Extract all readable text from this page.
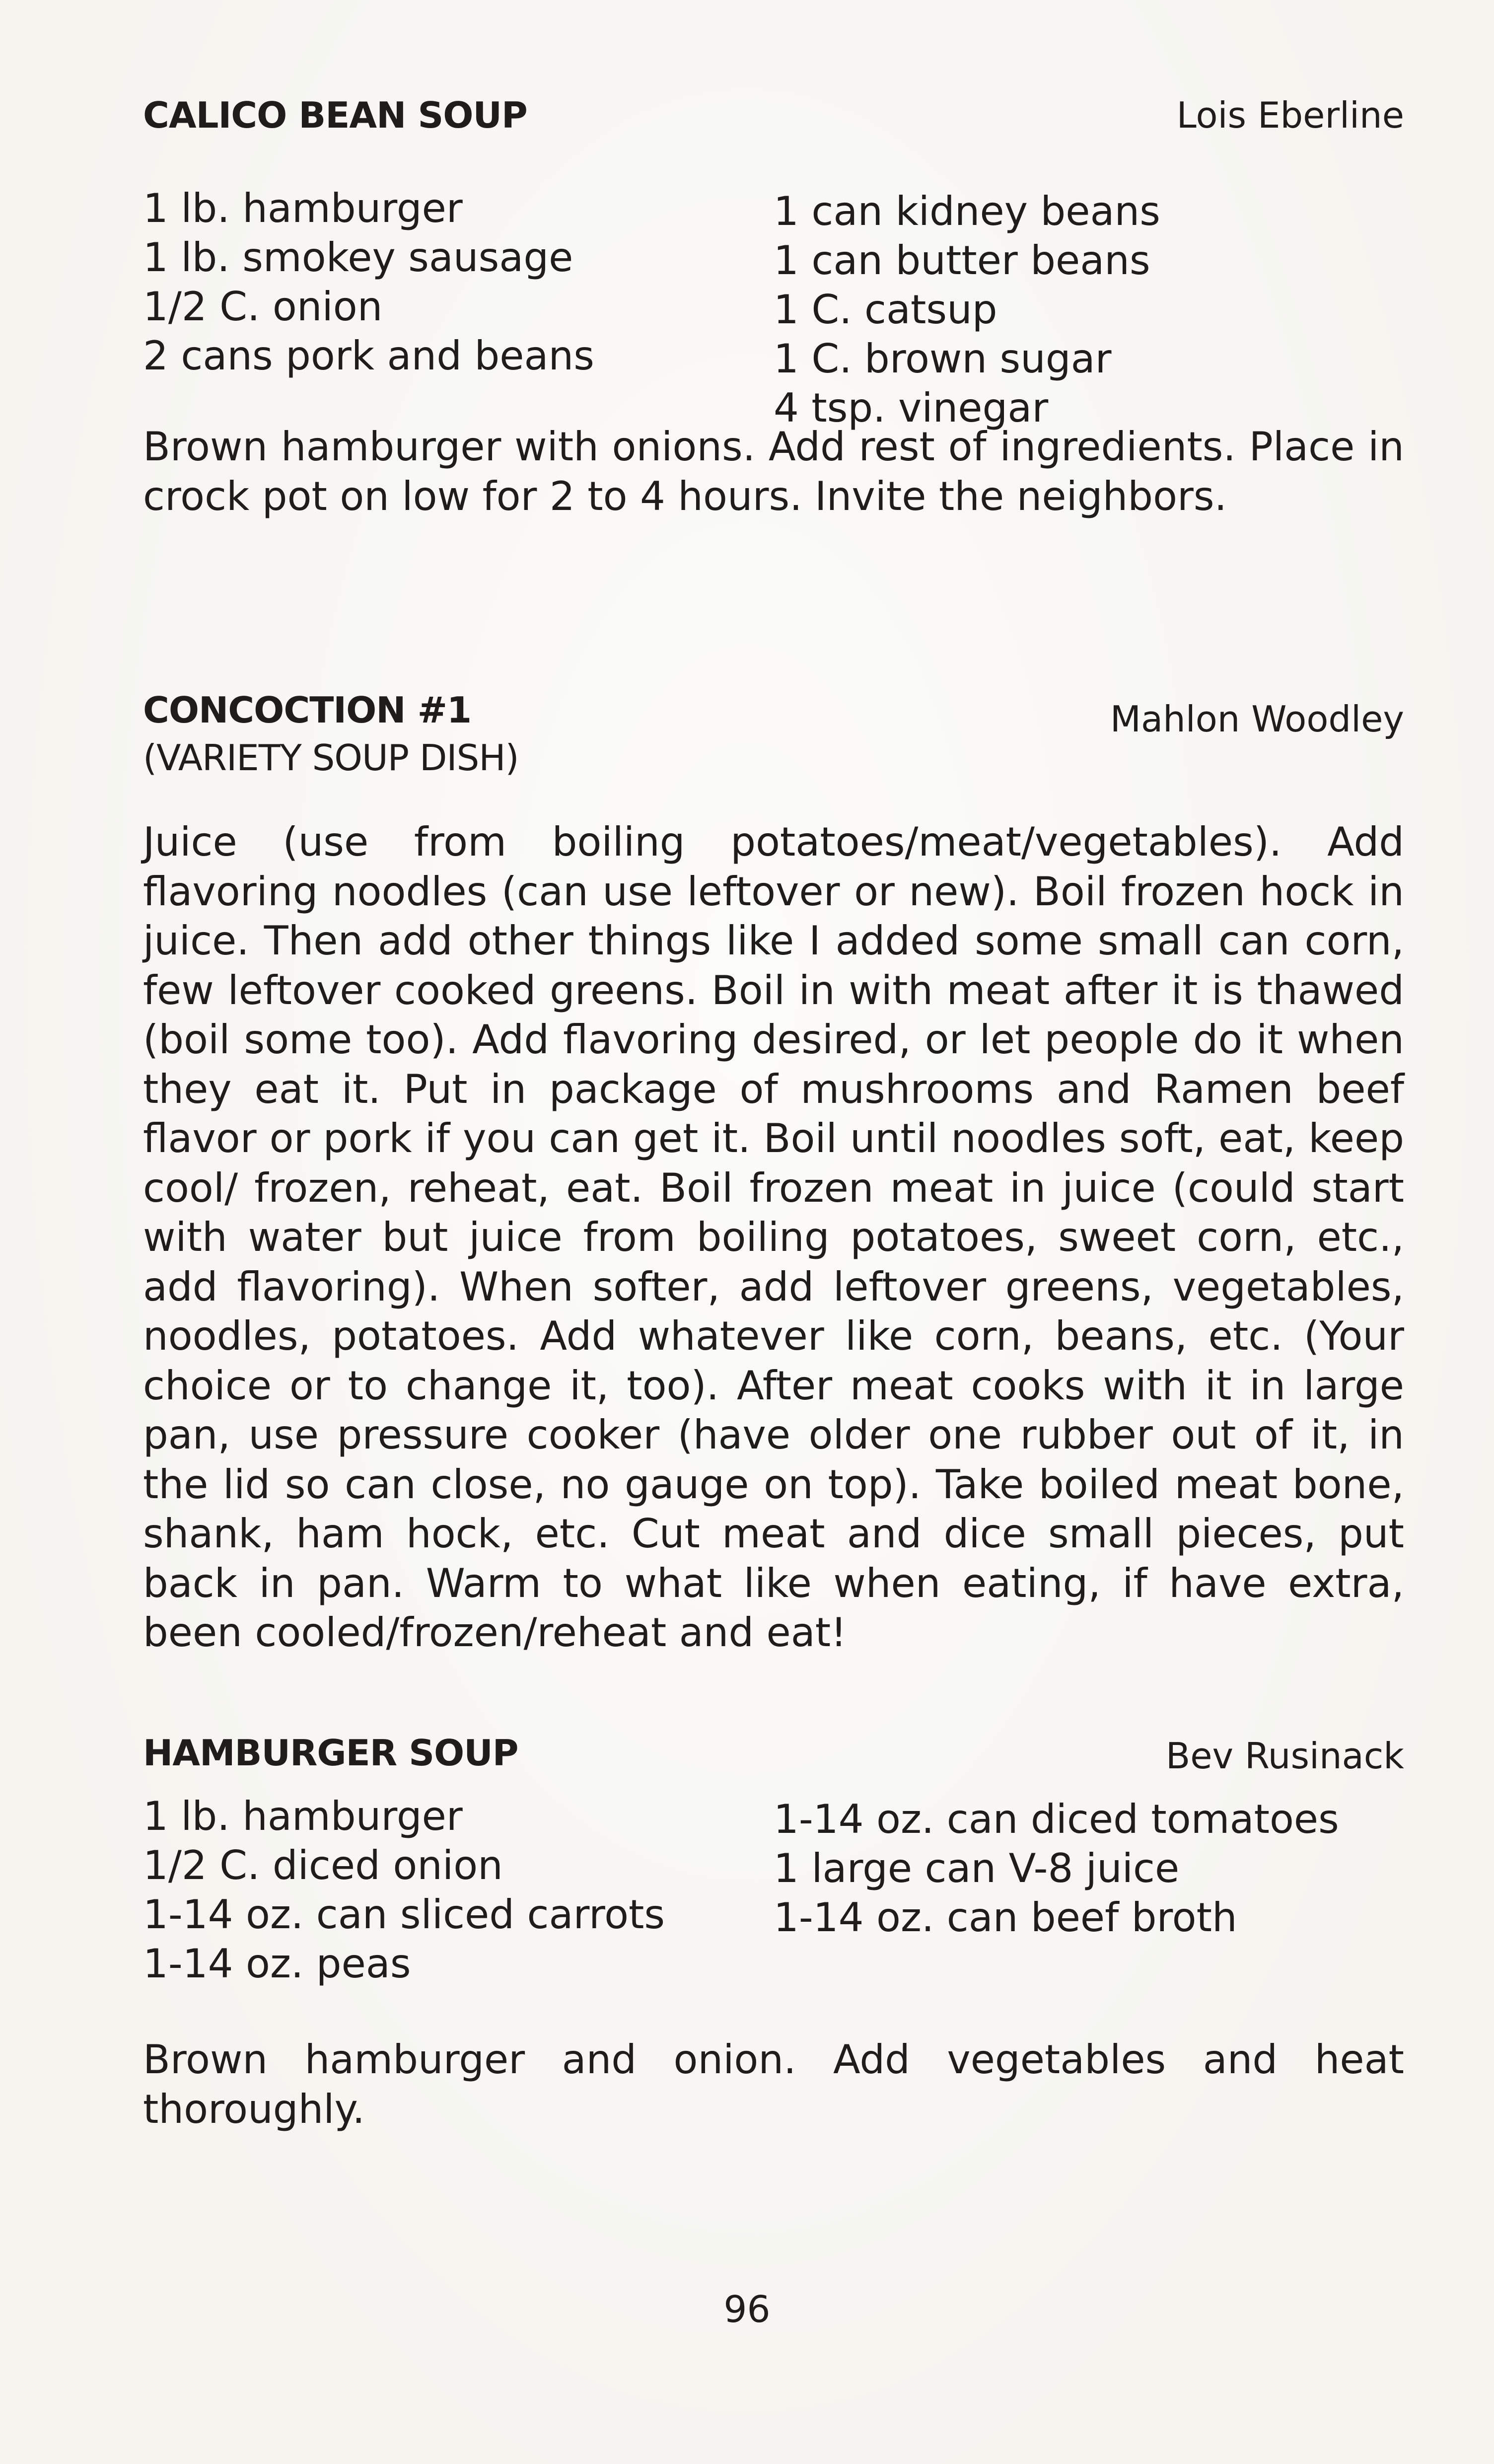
CALICO BEAN SOUP	Lois Eberline
1 lb. hamburger
1 lb. smokey sausage
1/2 C. onion
2 cans pork and beans
1 can kidney beans
1 can butter beans
1 C. catsup
1 C. brown sugar
4 tsp. vinegar
Brown hamburger with onions. Add rest of ingredients. Place in crock pot on low for 2 to 4 hours. Invite the neighbors.
CONCOCTION #1	Mahlon Woodley
(VARIETY SOUP DISH)
Juice (use from boiling potatoes/meat/vegetables). Add flavoring noodles (can use leftover or new). Boil frozen hock in juice. Then add other things like I added some small can corn, few leftover cooked greens. Boil in with meat after it is thawed (boil some too). Add flavoring desired, or let people do it when they eat it. Put in package of mushrooms and Ramen beef flavor or pork if you can get it. Boil until noodles soft, eat, keep cool/ frozen, reheat, eat. Boil frozen meat in juice (could start with water but juice from boiling potatoes, sweet corn, etc., add flavoring). When softer, add leftover greens, vegetables, noodles, potatoes. Add whatever like corn, beans, etc. (Your choice or to change it, too). After meat cooks with it in large pan, use pressure cooker (have older one rubber out of it, in the lid so can close, no gauge on top). Take boiled meat bone, shank, ham hock, etc. Cut meat and dice small pieces, put back in pan. Warm to what like when eating, if have extra, been cooled/frozen/reheat and eat!
HAMBURGER SOUP	Bev Rusinack
1 lb. hamburger
1/2 C. diced onion
1-14 oz. can sliced carrots
1-14 oz. peas
1-14 oz. can diced tomatoes
1 large can V-8 juice
1-14 oz. can beef broth
Brown hamburger and onion. Add vegetables and heat thoroughly.
96
